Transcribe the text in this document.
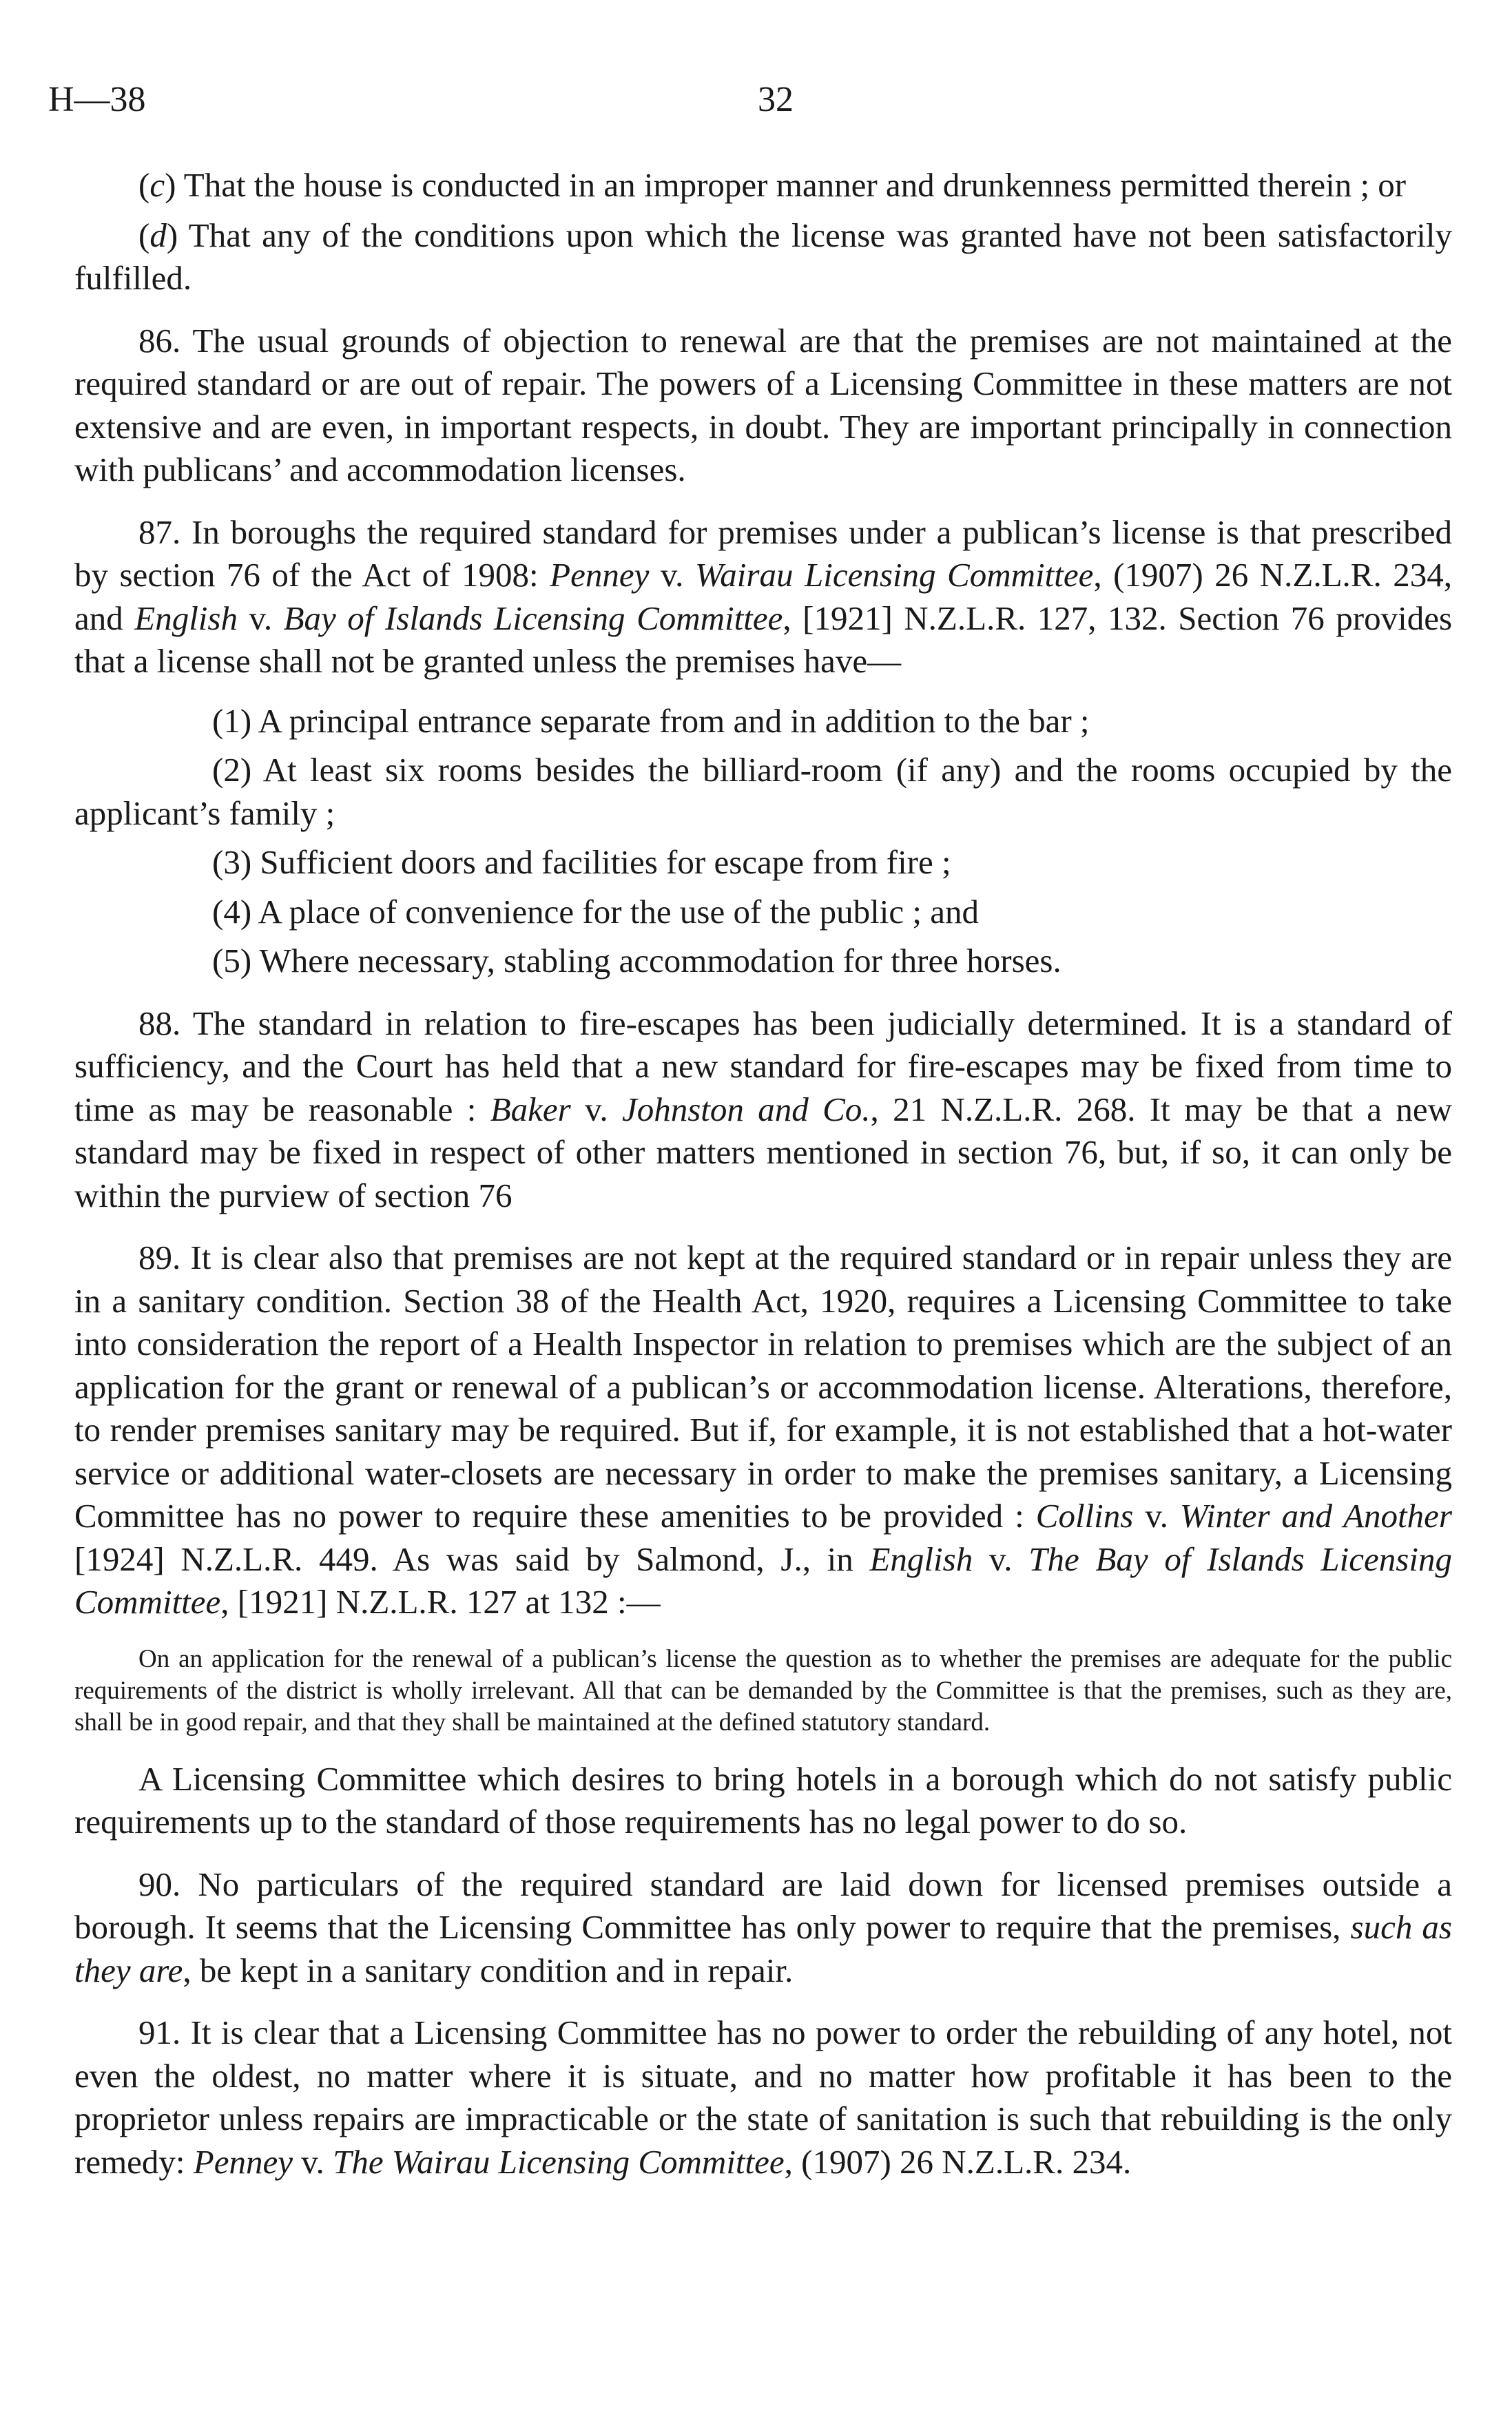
H—38	32

(c) That the house is conducted in an improper manner and drunkenness permitted therein ; or

(d) That any of the conditions upon which the license was granted have not been satisfactorily fulfilled.

86. The usual grounds of objection to renewal are that the premises are not maintained at the required standard or are out of repair. The powers of a Licensing Committee in these matters are not extensive and are even, in important respects, in doubt. They are important principally in connection with publicans’ and accommodation licenses.

87. In boroughs the required standard for premises under a publican’s license is that prescribed by section 76 of the Act of 1908: Penney v. Wairau Licensing Committee, (1907) 26 N.Z.L.R. 234, and English v. Bay of Islands Licensing Committee, [1921] N.Z.L.R. 127, 132. Section 76 provides that a license shall not be granted unless the premises have—

(1) A principal entrance separate from and in addition to the bar ;

(2) At least six rooms besides the billiard-room (if any) and the rooms occupied by the applicant’s family ;

(3) Sufficient doors and facilities for escape from fire ;

(4) A place of convenience for the use of the public ; and

(5) Where necessary, stabling accommodation for three horses.

88. The standard in relation to fire-escapes has been judicially determined. It is a standard of sufficiency, and the Court has held that a new standard for fire-escapes may be fixed from time to time as may be reasonable : Baker v. Johnston and Co., 21 N.Z.L.R. 268. It may be that a new standard may be fixed in respect of other matters mentioned in section 76, but, if so, it can only be within the purview of section 76

89. It is clear also that premises are not kept at the required standard or in repair unless they are in a sanitary condition. Section 38 of the Health Act, 1920, requires a Licensing Committee to take into consideration the report of a Health Inspector in relation to premises which are the subject of an application for the grant or renewal of a publican’s or accommodation license. Alterations, therefore, to render premises sanitary may be required. But if, for example, it is not established that a hot-water service or additional water-closets are necessary in order to make the premises sanitary, a Licensing Committee has no power to require these amenities to be provided : Collins v. Winter and Another [1924] N.Z.L.R. 449. As was said by Salmond, J., in English v. The Bay of Islands Licensing Committee, [1921] N.Z.L.R. 127 at 132 :—

On an application for the renewal of a publican’s license the question as to whether the premises are adequate for the public requirements of the district is wholly irrelevant. All that can be demanded by the Committee is that the premises, such as they are, shall be in good repair, and that they shall be maintained at the defined statutory standard.

A Licensing Committee which desires to bring hotels in a borough which do not satisfy public requirements up to the standard of those requirements has no legal power to do so.

90. No particulars of the required standard are laid down for licensed premises outside a borough. It seems that the Licensing Committee has only power to require that the premises, such as they are, be kept in a sanitary condition and in repair.

91. It is clear that a Licensing Committee has no power to order the rebuilding of any hotel, not even the oldest, no matter where it is situate, and no matter how profitable it has been to the proprietor unless repairs are impracticable or the state of sanitation is such that rebuilding is the only remedy: Penney v. The Wairau Licensing Committee, (1907) 26 N.Z.L.R. 234.
